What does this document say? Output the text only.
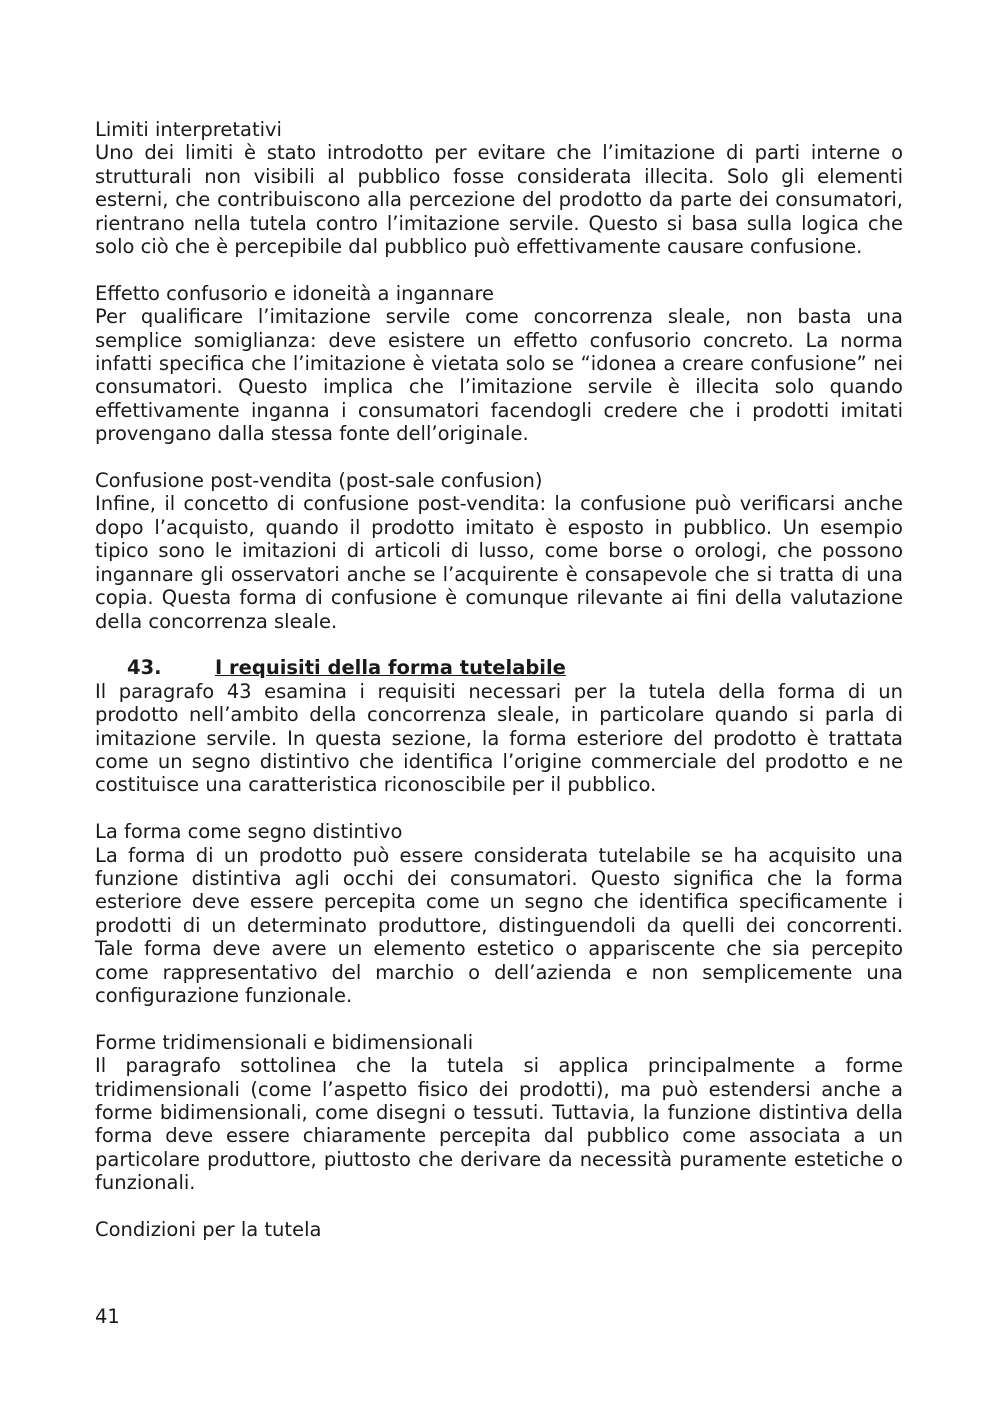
Limiti interpretativi

Uno dei limiti è stato introdotto per evitare che l’imitazione di parti interne o strutturali non visibili al pubblico fosse considerata illecita. Solo gli elementi esterni, che contribuiscono alla percezione del prodotto da parte dei consumatori, rientrano nella tutela contro l’imitazione servile. Questo si basa sulla logica che solo ciò che è percepibile dal pubblico può effettivamente causare confusione.

Effetto confusorio e idoneità a ingannare

Per qualificare l’imitazione servile come concorrenza sleale, non basta una semplice somiglianza: deve esistere un effetto confusorio concreto. La norma infatti specifica che l’imitazione è vietata solo se “idonea a creare confusione” nei consumatori. Questo implica che l’imitazione servile è illecita solo quando effettivamente inganna i consumatori facendogli credere che i prodotti imitati provengano dalla stessa fonte dell’originale.

Confusione post-vendita (post-sale confusion)

Infine, il concetto di confusione post-vendita: la confusione può verificarsi anche dopo l’acquisto, quando il prodotto imitato è esposto in pubblico. Un esempio tipico sono le imitazioni di articoli di lusso, come borse o orologi, che possono ingannare gli osservatori anche se l’acquirente è consapevole che si tratta di una copia. Questa forma di confusione è comunque rilevante ai fini della valutazione della concorrenza sleale.

43.	I requisiti della forma tutelabile

Il paragrafo 43 esamina i requisiti necessari per la tutela della forma di un prodotto nell’ambito della concorrenza sleale, in particolare quando si parla di imitazione servile. In questa sezione, la forma esteriore del prodotto è trattata come un segno distintivo che identifica l’origine commerciale del prodotto e ne costituisce una caratteristica riconoscibile per il pubblico.

La forma come segno distintivo

La forma di un prodotto può essere considerata tutelabile se ha acquisito una funzione distintiva agli occhi dei consumatori. Questo significa che la forma esteriore deve essere percepita come un segno che identifica specificamente i prodotti di un determinato produttore, distinguendoli da quelli dei concorrenti. Tale forma deve avere un elemento estetico o appariscente che sia percepito come rappresentativo del marchio o dell’azienda e non semplicemente una configurazione funzionale.

Forme tridimensionali e bidimensionali

Il paragrafo sottolinea che la tutela si applica principalmente a forme tridimensionali (come l’aspetto fisico dei prodotti), ma può estendersi anche a forme bidimensionali, come disegni o tessuti. Tuttavia, la funzione distintiva della forma deve essere chiaramente percepita dal pubblico come associata a un particolare produttore, piuttosto che derivare da necessità puramente estetiche o funzionali.

Condizioni per la tutela

41
